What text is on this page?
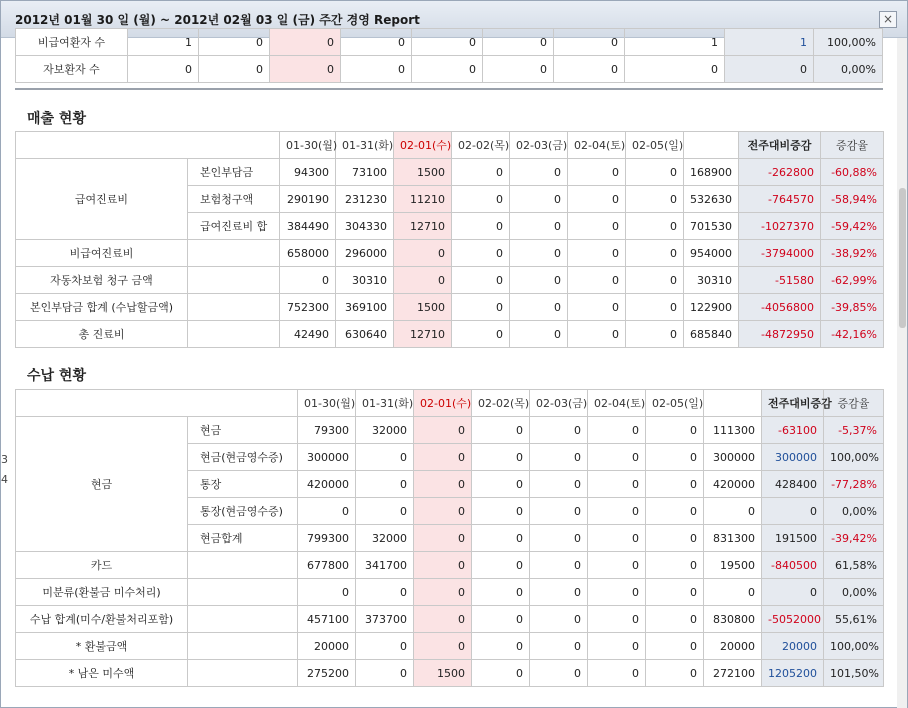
2012년 01월 30 일 (월) ~ 2012년 02월 03 일 (금) 주간 경영 Report	×
비급여환자 수	1	0	0	0	0	0	0	1	1	100,00%
자보환자 수	0	0	0	0	0	0	0	0	0	0,00%
매출 현황
		01-30(월)	01-31(화)	02-01(수)	02-02(목)	02-03(금)	02-04(토)	02-05(일)		전주대비증감	증감율
급여진료비	본인부담금	94300	73100	1500	0	0	0	0	168900	-262800	-60,88%
	보험청구액	290190	231230	11210	0	0	0	0	532630	-764570	-58,94%
	급여진료비 합	384490	304330	12710	0	0	0	0	701530	-1027370	-59,42%
비급여진료비		658000	296000	0	0	0	0	0	954000	-3794000	-38,92%
자동차보험 청구 금액		0	30310	0	0	0	0	0	30310	-51580	-62,99%
본인부담금 합계 (수납할금액)		752300	369100	1500	0	0	0	0	122900	-4056800	-39,85%
총 진료비		42490	630640	12710	0	0	0	0	685840	-4872950	-42,16%
수납 현황
		01-30(월)	01-31(화)	02-01(수)	02-02(목)	02-03(금)	02-04(토)	02-05(일)		전주대비증감	증감율
현금	현금	79300	32000	0	0	0	0	0	111300	-63100	-5,37%
	현금(현금영수증)	300000	0	0	0	0	0	0	300000	300000	100,00%
	통장	420000	0	0	0	0	0	0	420000	428400	-77,28%
	통장(현금영수증)	0	0	0	0	0	0	0	0	0	0,00%
	현금합계	799300	32000	0	0	0	0	0	831300	191500	-39,42%
카드		677800	341700	0	0	0	0	0	19500	-840500	61,58%
미분류(환불금 미수처리)		0	0	0	0	0	0	0	0	0	0,00%
수납 합계(미수/환불처리포함)		457100	373700	0	0	0	0	0	830800	-5052000	55,61%
* 환불금액		20000	0	0	0	0	0	0	20000	20000	100,00%
* 남은 미수액		275200	0	1500	0	0	0	0	272100	1205200	101,50%
3
4
